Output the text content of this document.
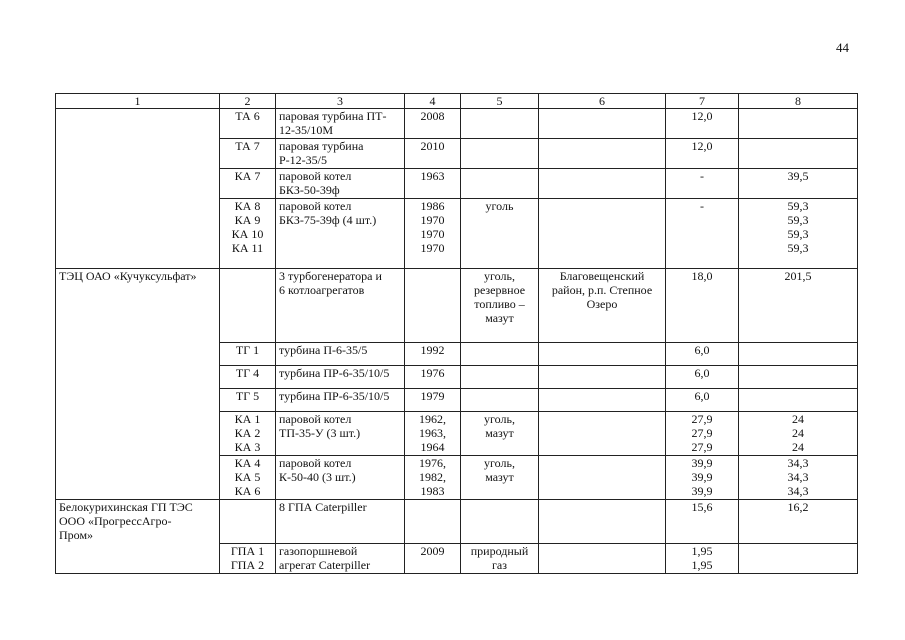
44
1	2	3	4	5	6	7	8
	ТА 6	паровая турбина ПТ-
12-35/10М	2008			12,0	
	ТА 7	паровая турбина
Р-12-35/5	2010			12,0	
	КА 7	паровой котел
БКЗ-50-39ф	1963			-	39,5

	КА 8
КА 9
КА 10
КА 11	паровой котел
БКЗ-75-39ф (4 шт.)	1986
1970
1970
1970	уголь		-	59,3
59,3
59,3
59,3

ТЭЦ ОАО «Кучуксульфат»		3 турбогенератора и
6 котлоагрегатов		уголь,
резервное
топливо –
мазут	Благовещенский
район, р.п. Степное
Озеро	18,0	201,5
	ТГ 1	турбина П-6-35/5	1992			6,0	
	ТГ 4	турбина ПР-6-35/10/5	1976			6,0	
	ТГ 5	турбина ПР-6-35/10/5	1979			6,0	

	КА 1
КА 2
КА 3	паровой котел
ТП-35-У (3 шт.)	1962,
1963,
1964	уголь,
мазут		27,9
27,9
27,9	24
24
24

	КА 4
КА 5
КА 6	паровой котел
К-50-40 (3 шт.)	1976,
1982,
1983	уголь,
мазут		39,9
39,9
39,9	34,3
34,3
34,3

Белокурихинская ГП ТЭС
ООО «ПрогрессАгро-
Пром»		8 ГПА Caterpiller				15,6	16,2

	ГПА 1
ГПА 2	газопоршневой
агрегат Caterpiller	2009	природный
газ		1,95
1,95	
